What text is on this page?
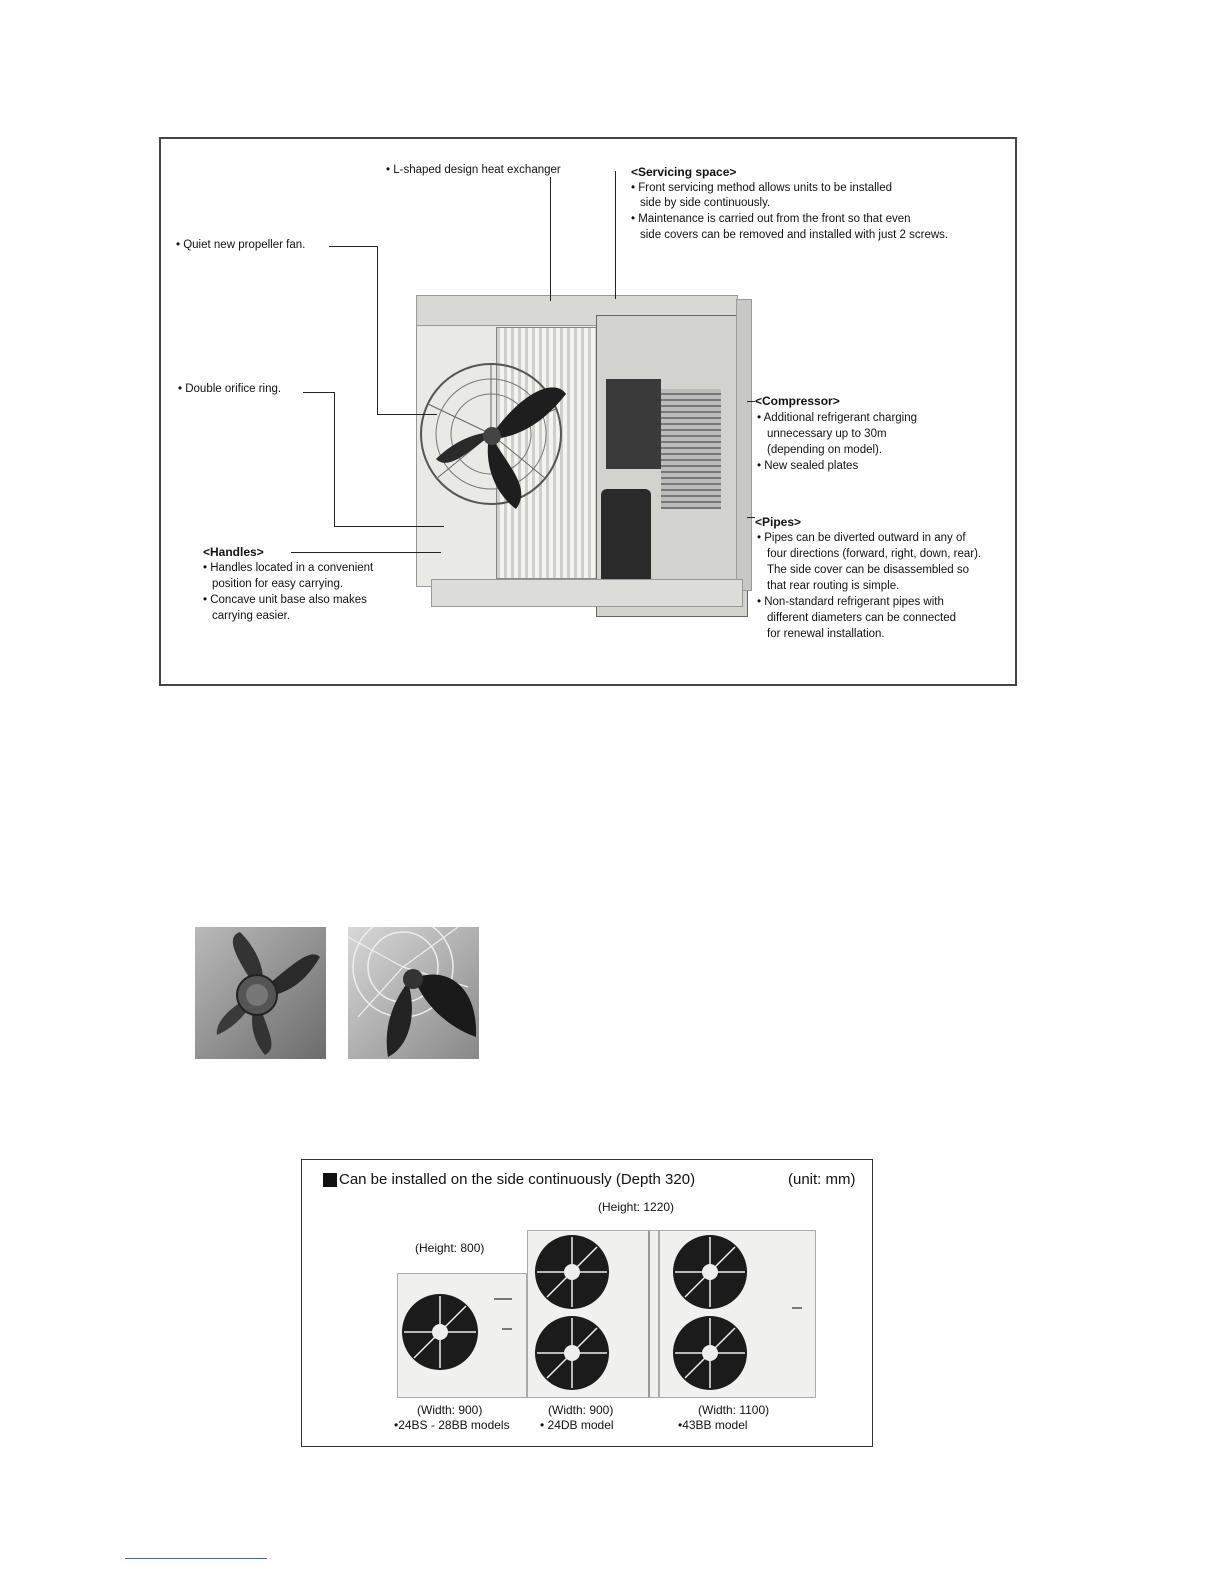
• L-shaped design heat exchanger	<Servicing space>
• Front servicing method allows units to be installed
side by side continuously.
• Maintenance is carried out from the front so that even
side covers can be removed and installed with just 2 screws.
• Quiet new propeller fan.
• Double orifice ring.
<Compressor>
• Additional refrigerant charging
unnecessary up to 30m
(depending on model).
• New sealed plates
<Pipes>
• Pipes can be diverted outward in any of
four directions (forward, right, down, rear).
The side cover can be disassembled so
that rear routing is simple.
• Non-standard refrigerant pipes with
different diameters can be connected
for renewal installation.
<Handles>
• Handles located in a convenient
position for easy carrying.
• Concave unit base also makes
carrying easier.
Can be installed on the side continuously (Depth 320)	(unit: mm)
(Height: 1220)
(Height: 800)
(Width: 900)
•24BS - 28BB models
(Width: 900)
• 24DB model
(Width: 1100)
•43BB model
